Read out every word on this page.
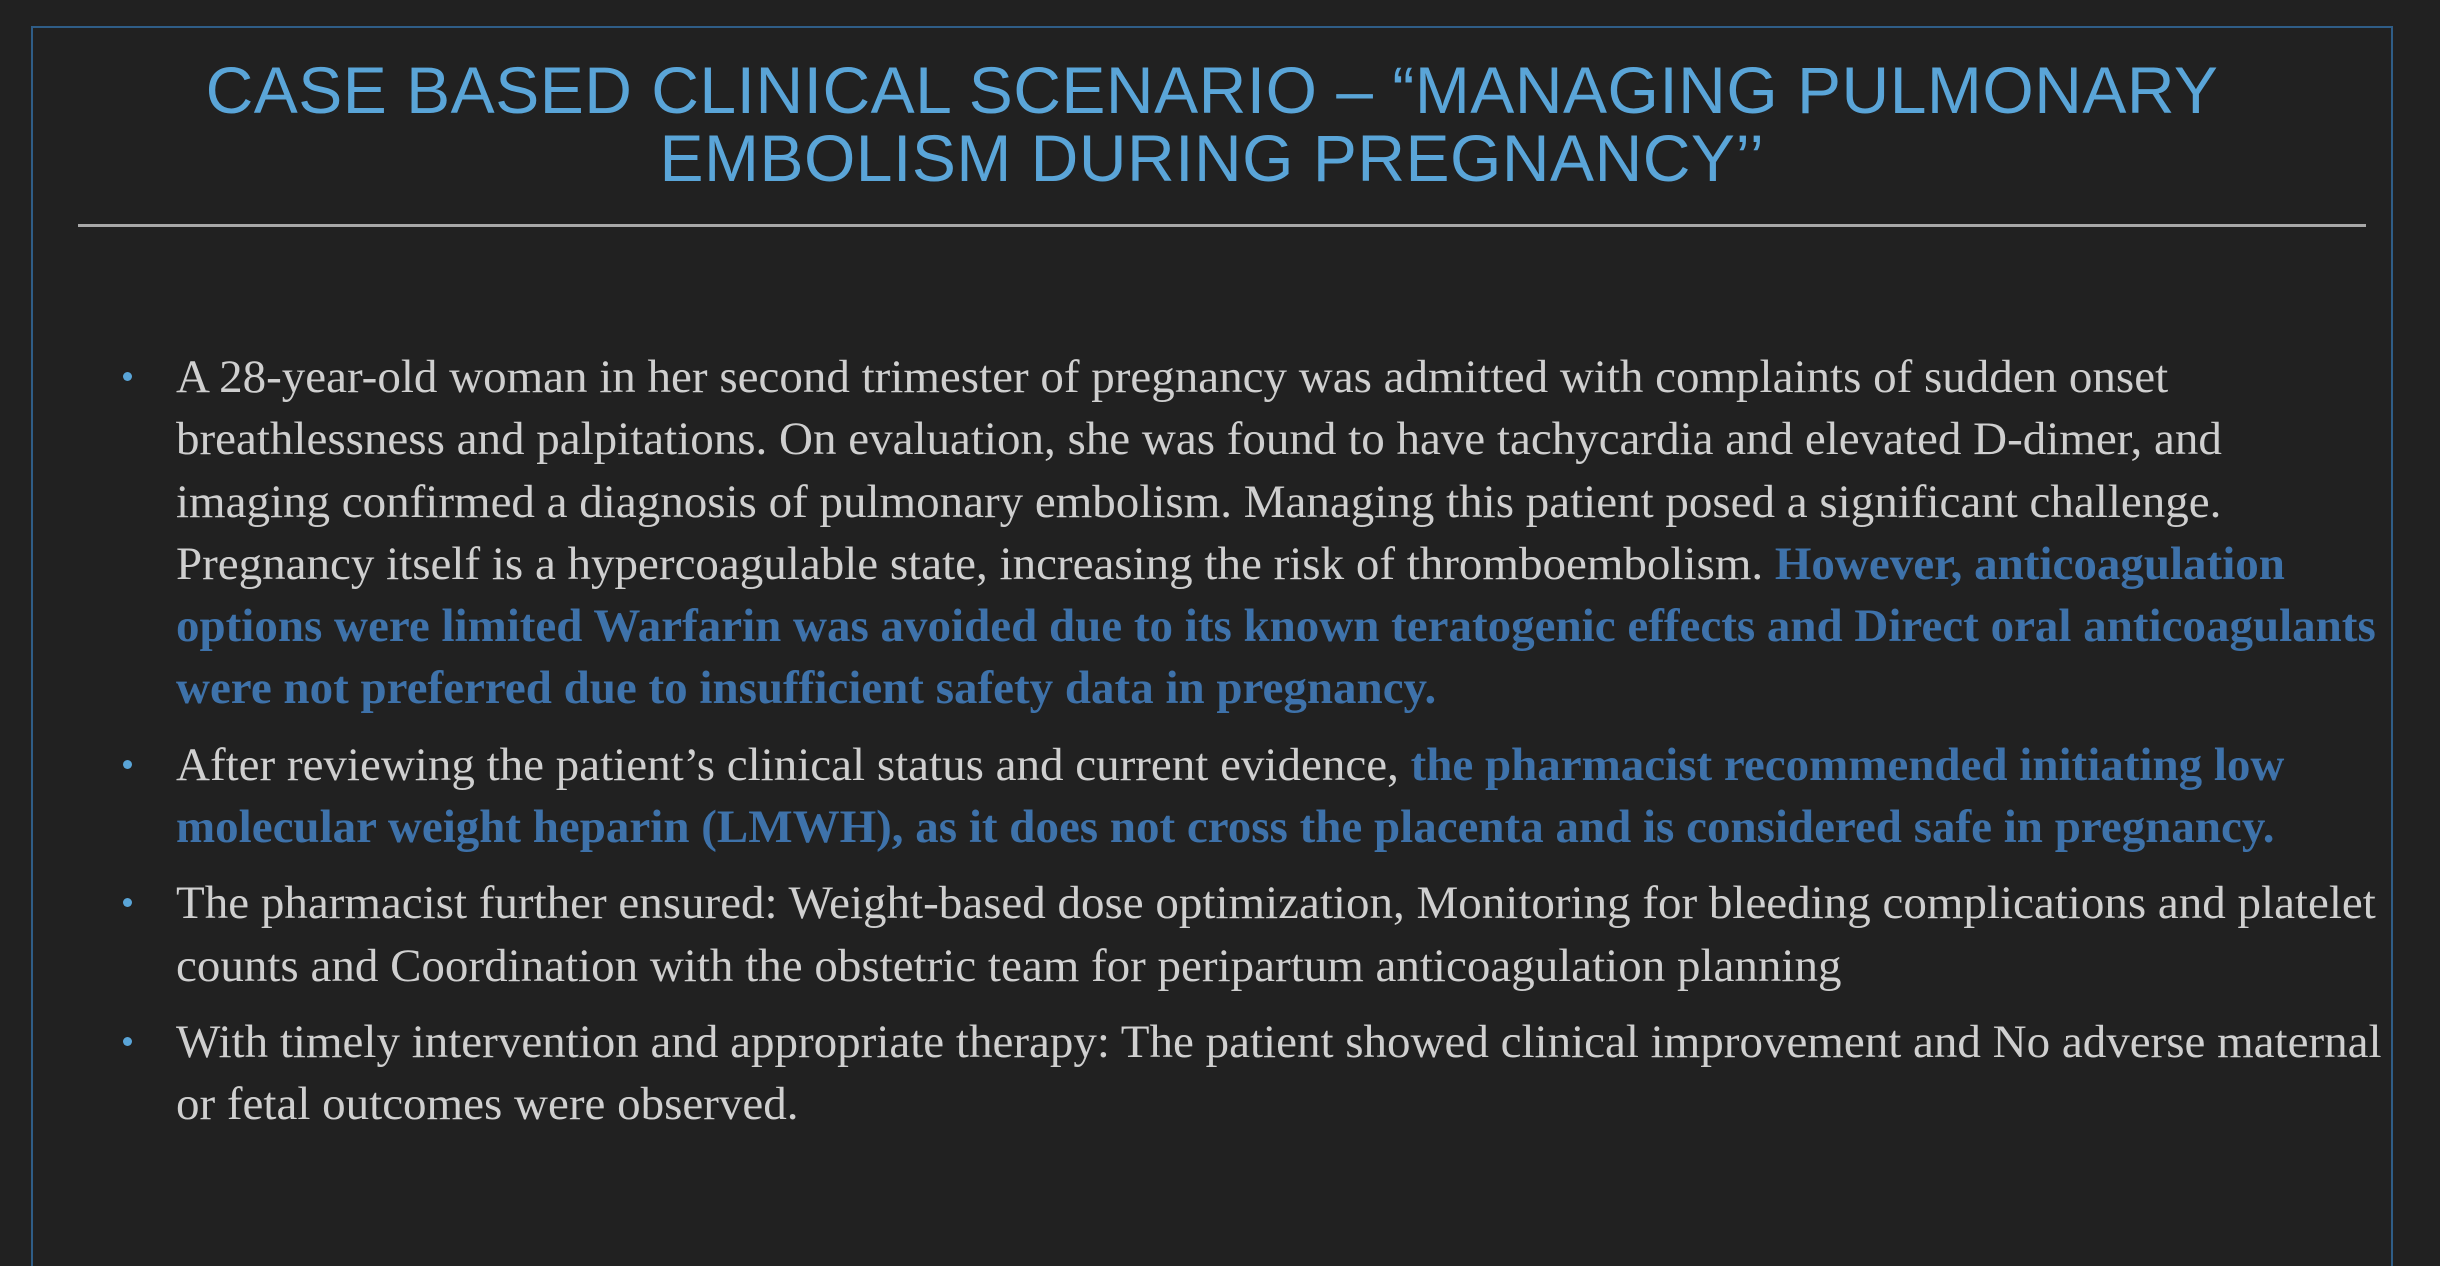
CASE BASED CLINICAL SCENARIO – “MANAGING PULMONARY
EMBOLISM DURING PREGNANCY’’
A 28-year-old woman in her second trimester of pregnancy was admitted with complaints of sudden onset breathlessness and palpitations. On evaluation, she was found to have tachycardia and elevated D-dimer, and imaging confirmed a diagnosis of pulmonary embolism. Managing this patient posed a significant challenge. Pregnancy itself is a hypercoagulable state, increasing the risk of thromboembolism. However, anticoagulation options were limited Warfarin was avoided due to its known teratogenic effects and Direct oral anticoagulants were not preferred due to insufficient safety data in pregnancy.
After reviewing the patient’s clinical status and current evidence, the pharmacist recommended initiating low molecular weight heparin (LMWH), as it does not cross the placenta and is considered safe in pregnancy.
The pharmacist further ensured: Weight-based dose optimization, Monitoring for bleeding complications and platelet counts and Coordination with the obstetric team for peripartum anticoagulation planning
With timely intervention and appropriate therapy: The patient showed clinical improvement and No adverse maternal or fetal outcomes were observed.
